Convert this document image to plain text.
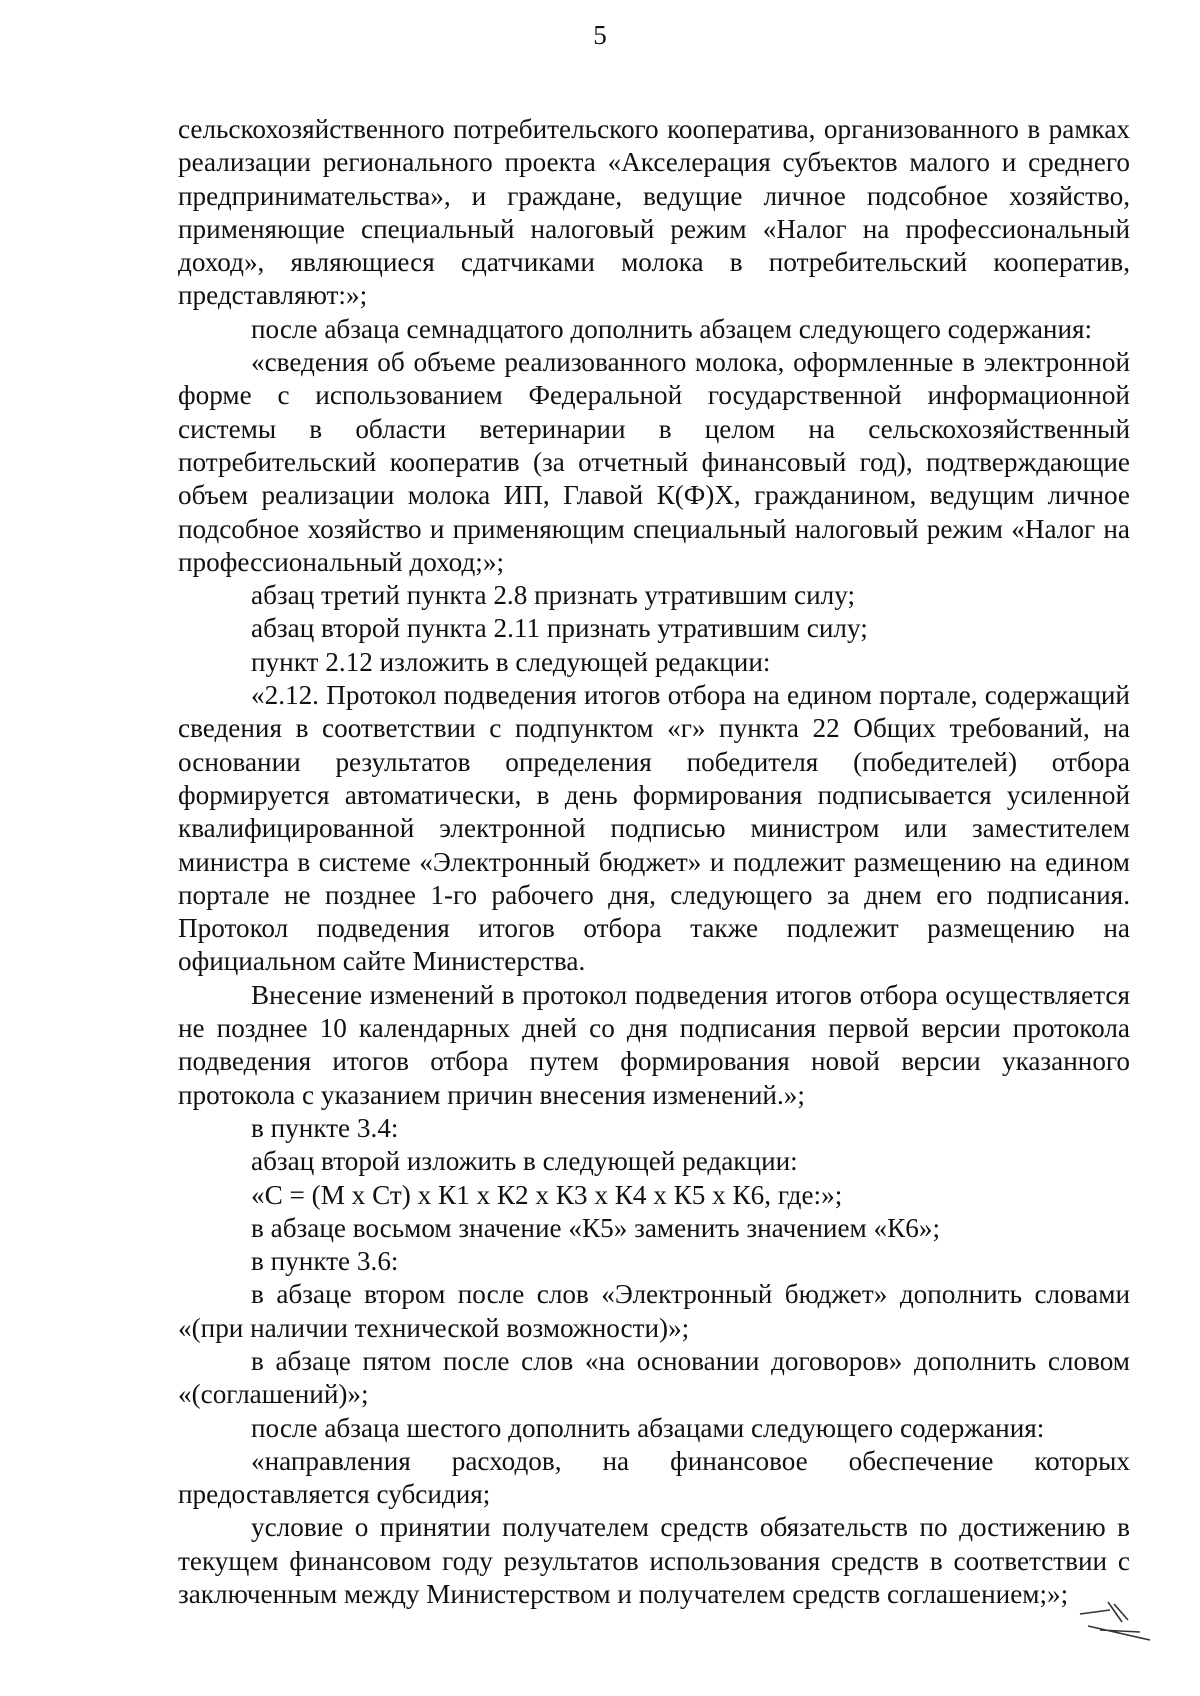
5

сельскохозяйственного потребительского кооператива, организованного в рамках реализации регионального проекта «Акселерация субъектов малого и среднего предпринимательства», и граждане, ведущие личное подсобное хозяйство, применяющие специальный налоговый режим «Налог на профессиональный доход», являющиеся сдатчиками молока в потребительский кооператив, представляют:»;

после абзаца семнадцатого дополнить абзацем следующего содержания:

«сведения об объеме реализованного молока, оформленные в электронной форме с использованием Федеральной государственной информационной системы в области ветеринарии в целом на сельскохозяйственный потребительский кооператив (за отчетный финансовый год), подтверждающие объем реализации молока ИП, Главой К(Ф)Х, гражданином, ведущим личное подсобное хозяйство и применяющим специальный налоговый режим «Налог на профессиональный доход;»;

абзац третий пункта 2.8 признать утратившим силу;

абзац второй пункта 2.11 признать утратившим силу;

пункт 2.12 изложить в следующей редакции:

«2.12. Протокол подведения итогов отбора на едином портале, содержащий сведения в соответствии с подпунктом «г» пункта 22 Общих требований, на основании результатов определения победителя (победителей) отбора формируется автоматически, в день формирования подписывается усиленной квалифицированной электронной подписью министром или заместителем министра в системе «Электронный бюджет» и подлежит размещению на едином портале не позднее 1-го рабочего дня, следующего за днем его подписания. Протокол подведения итогов отбора также подлежит размещению на официальном сайте Министерства.

Внесение изменений в протокол подведения итогов отбора осуществляется не позднее 10 календарных дней со дня подписания первой версии протокола подведения итогов отбора путем формирования новой версии указанного протокола с указанием причин внесения изменений.»;

в пункте 3.4:

абзац второй изложить в следующей редакции:

«С = (М х Ст) х К1 х К2 х К3 х К4 х К5 х К6, где:»;

в абзаце восьмом значение «К5» заменить значением «К6»;

в пункте 3.6:

в абзаце втором после слов «Электронный бюджет» дополнить словами «(при наличии технической возможности)»;

в абзаце пятом после слов «на основании договоров» дополнить словом «(соглашений)»;

после абзаца шестого дополнить абзацами следующего содержания:

«направления расходов, на финансовое обеспечение которых предоставляется субсидия;

условие о принятии получателем средств обязательств по достижению в текущем финансовом году результатов использования средств в соответствии с заключенным между Министерством и получателем средств соглашением;»;
